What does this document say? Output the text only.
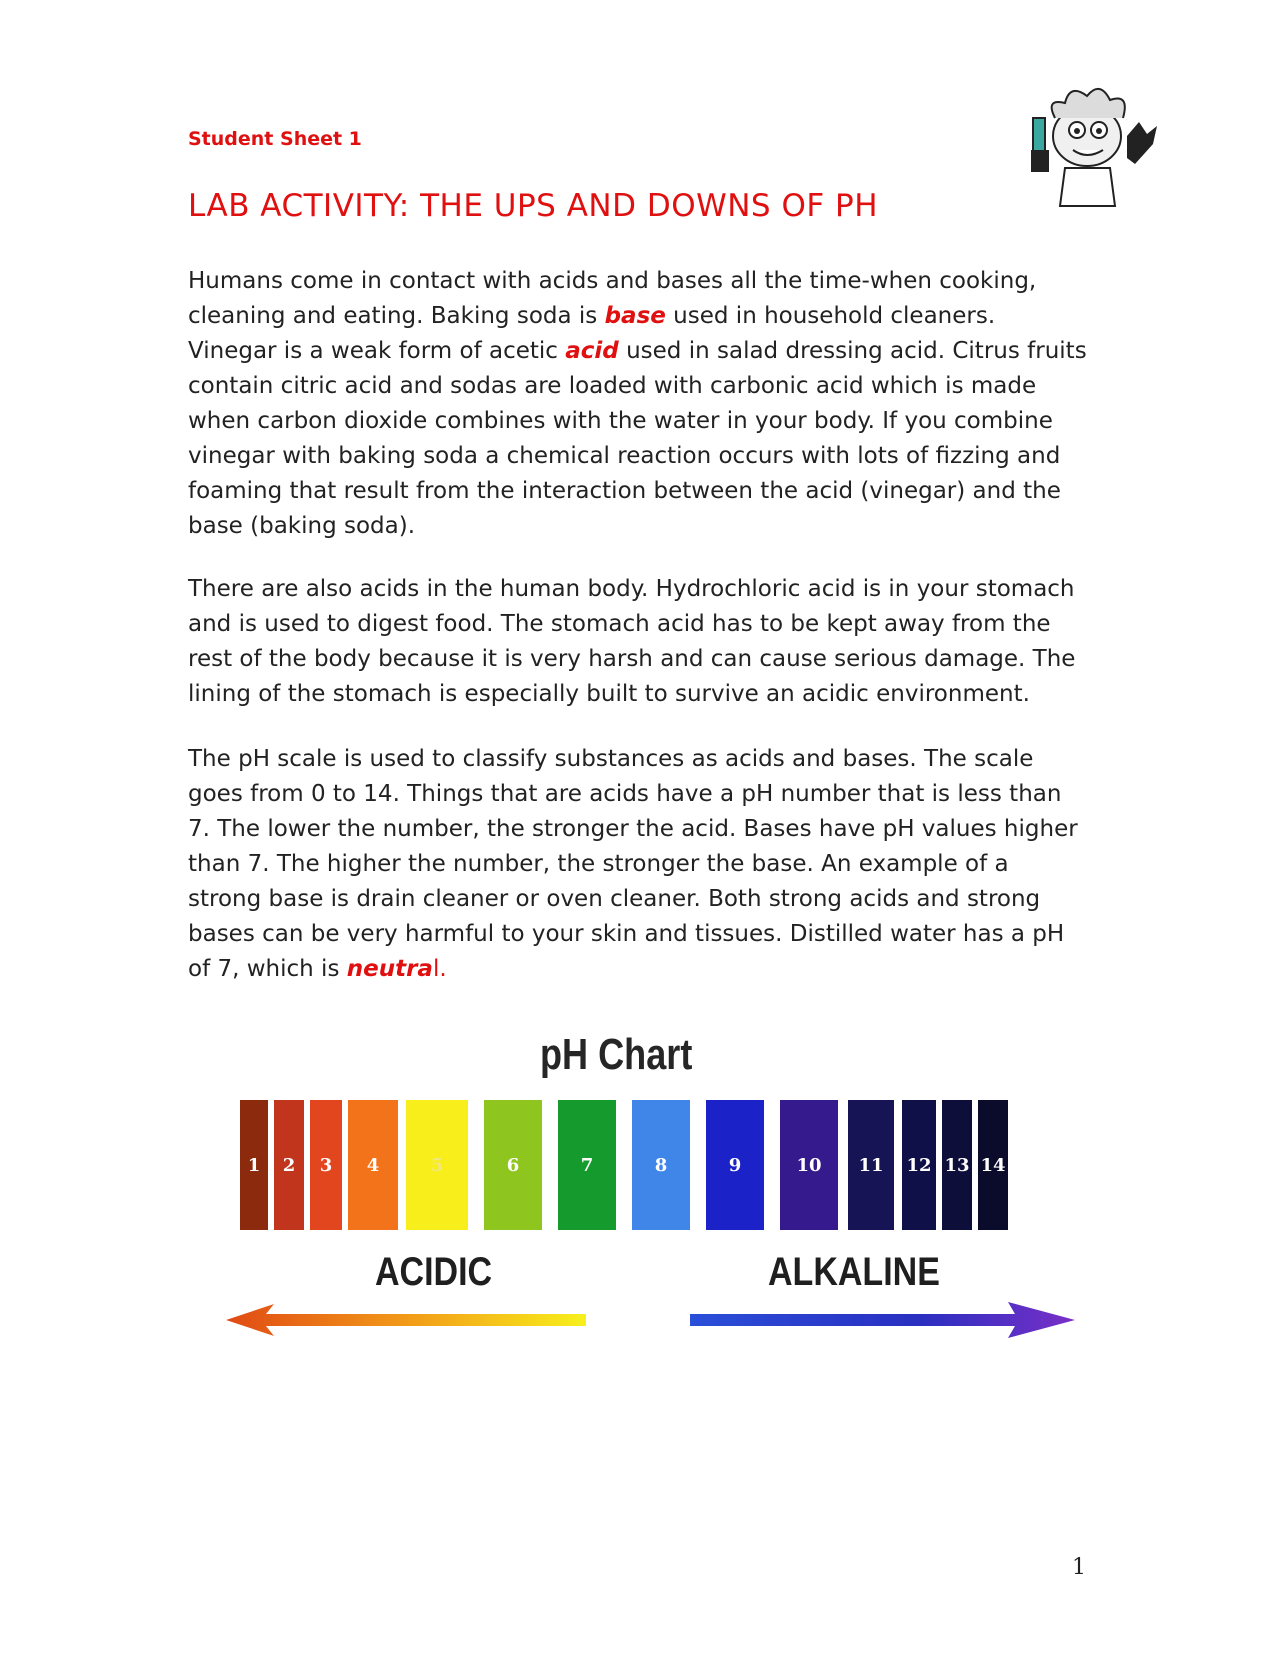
Student Sheet 1
LAB ACTIVITY: THE UPS AND DOWNS OF PH

Humans come in contact with acids and bases all the time-when cooking, cleaning and eating. Baking soda is base used in household cleaners. Vinegar is a weak form of acetic acid used in salad dressing acid. Citrus fruits contain citric acid and sodas are loaded with carbonic acid which is made when carbon dioxide combines with the water in your body. If you combine vinegar with baking soda a chemical reaction occurs with lots of fizzing and foaming that result from the interaction between the acid (vinegar) and the base (baking soda).

There are also acids in the human body. Hydrochloric acid is in your stomach and is used to digest food. The stomach acid has to be kept away from the rest of the body because it is very harsh and can cause serious damage. The lining of the stomach is especially built to survive an acidic environment.

The pH scale is used to classify substances as acids and bases. The scale goes from 0 to 14. Things that are acids have a pH number that is less than 7. The lower the number, the stronger the acid. Bases have pH values higher than 7. The higher the number, the stronger the base. An example of a strong base is drain cleaner or oven cleaner. Both strong acids and strong bases can be very harmful to your skin and tissues. Distilled water has a pH of 7, which is neutral.

pH Chart
1	2	3	4	5	6	7	8	9	10	11	12 13 14
ACIDIC	ALKALINE
1
